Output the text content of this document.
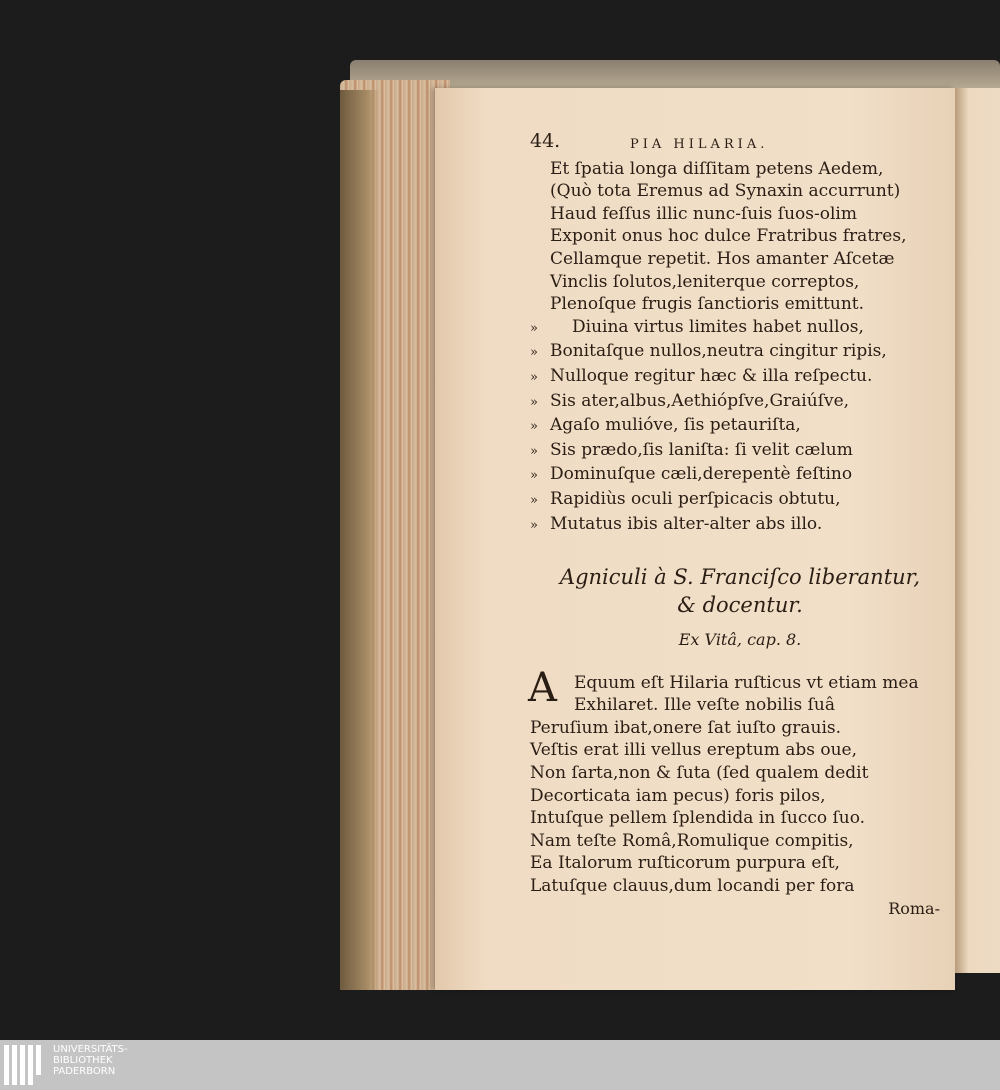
44.	PIA HILARIA.
Et ſpatia longa diſſitam petens Aedem,
(Quò tota Eremus ad Synaxin accurrunt)
Haud feſſus illic nunc-ſuis ſuos-olim
Exponit onus hoc dulce Fratribus fratres,
Cellamque repetit. Hos amanter Aſcetæ
Vinclis ſolutos,leniterque correptos,
Plenoſque frugis ſanctioris emittunt.
» Diuina virtus limites habet nullos,
» Bonitaſque nullos,neutra cingitur ripis,
» Nulloque regitur hæc & illa reſpectu.
» Sis ater,albus,Aethiópſve,Graiúſve,
» Agaſo mulióve, ſis petauriſta,
» Sis prædo,ſis laniſta: ſi velit cælum
» Dominuſque cæli,derepentè feſtino
» Rapidiùs oculi perſpicacis obtutu,
» Mutatus ibis alter-alter abs illo.
Agniculi à S. Franciſco liberantur,
& docentur.
Ex Vitâ, cap. 8.
A	Equum eſt Hilaria ruſticus vt etiam mea
Exhilaret. Ille veſte nobilis ſuâ
Peruſium ibat,onere ſat iuſto grauis.
Veſtis erat illi vellus ereptum abs oue,
Non ſarta,non & ſuta (ſed qualem dedit
Decorticata iam pecus) foris pilos,
Intuſque pellem ſplendida in ſucco ſuo.
Nam teſte Româ,Romulique compitis,
Ea Italorum ruſticorum purpura eſt,
Latuſque clauus,dum locandi per fora
Roma-
UNIVERSITÄTS-
BIBLIOTHEK
PADERBORN
